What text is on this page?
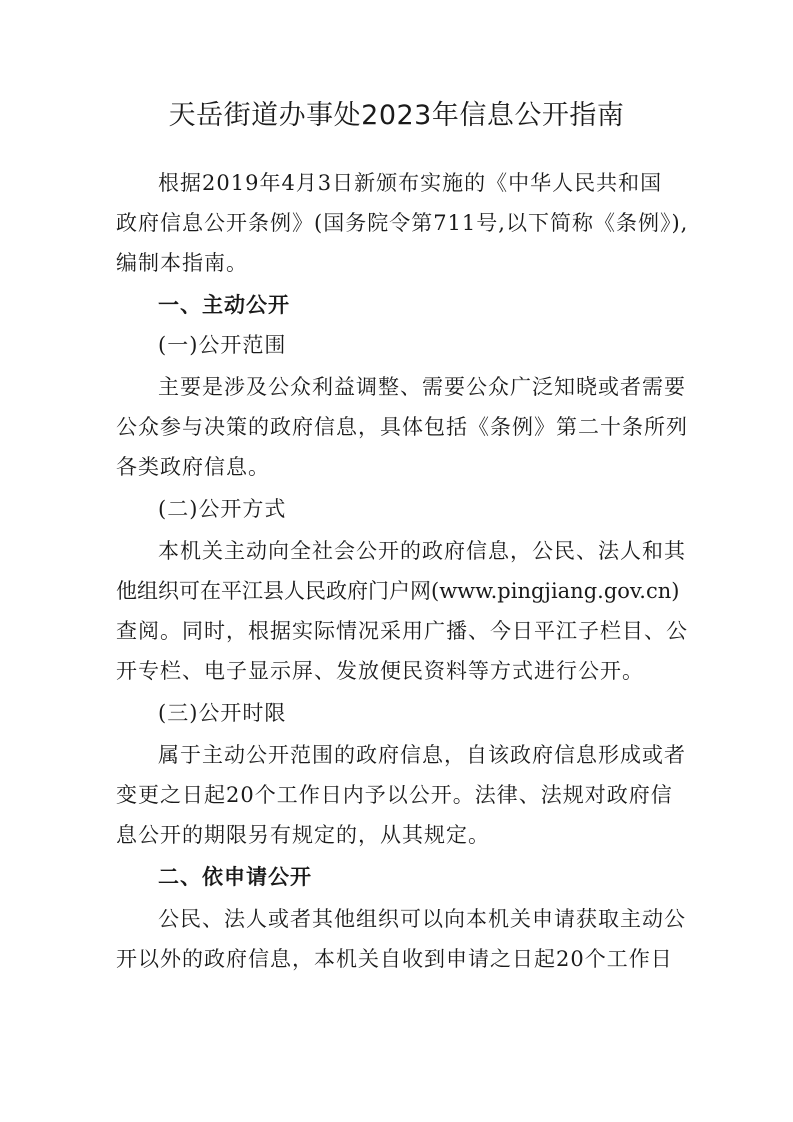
天岳街道办事处2023年信息公开指南
根据2019年4月3日新颁布实施的《中华人民共和国
政府信息公开条例》(国务院令第711号,以下简称《条例》),
编制本指南。
一、主动公开
(一)公开范围
主要是涉及公众利益调整、需要公众广泛知晓或者需要
公众参与决策的政府信息，具体包括《条例》第二十条所列
各类政府信息。
(二)公开方式
本机关主动向全社会公开的政府信息，公民、法人和其
他组织可在平江县人民政府门户网(www.pingjiang.gov.cn)
查阅。同时，根据实际情况采用广播、今日平江子栏目、公
开专栏、电子显示屏、发放便民资料等方式进行公开。
(三)公开时限
属于主动公开范围的政府信息，自该政府信息形成或者
变更之日起20个工作日内予以公开。法律、法规对政府信
息公开的期限另有规定的，从其规定。
二、依申请公开
公民、法人或者其他组织可以向本机关申请获取主动公
开以外的政府信息，本机关自收到申请之日起20个工作日
